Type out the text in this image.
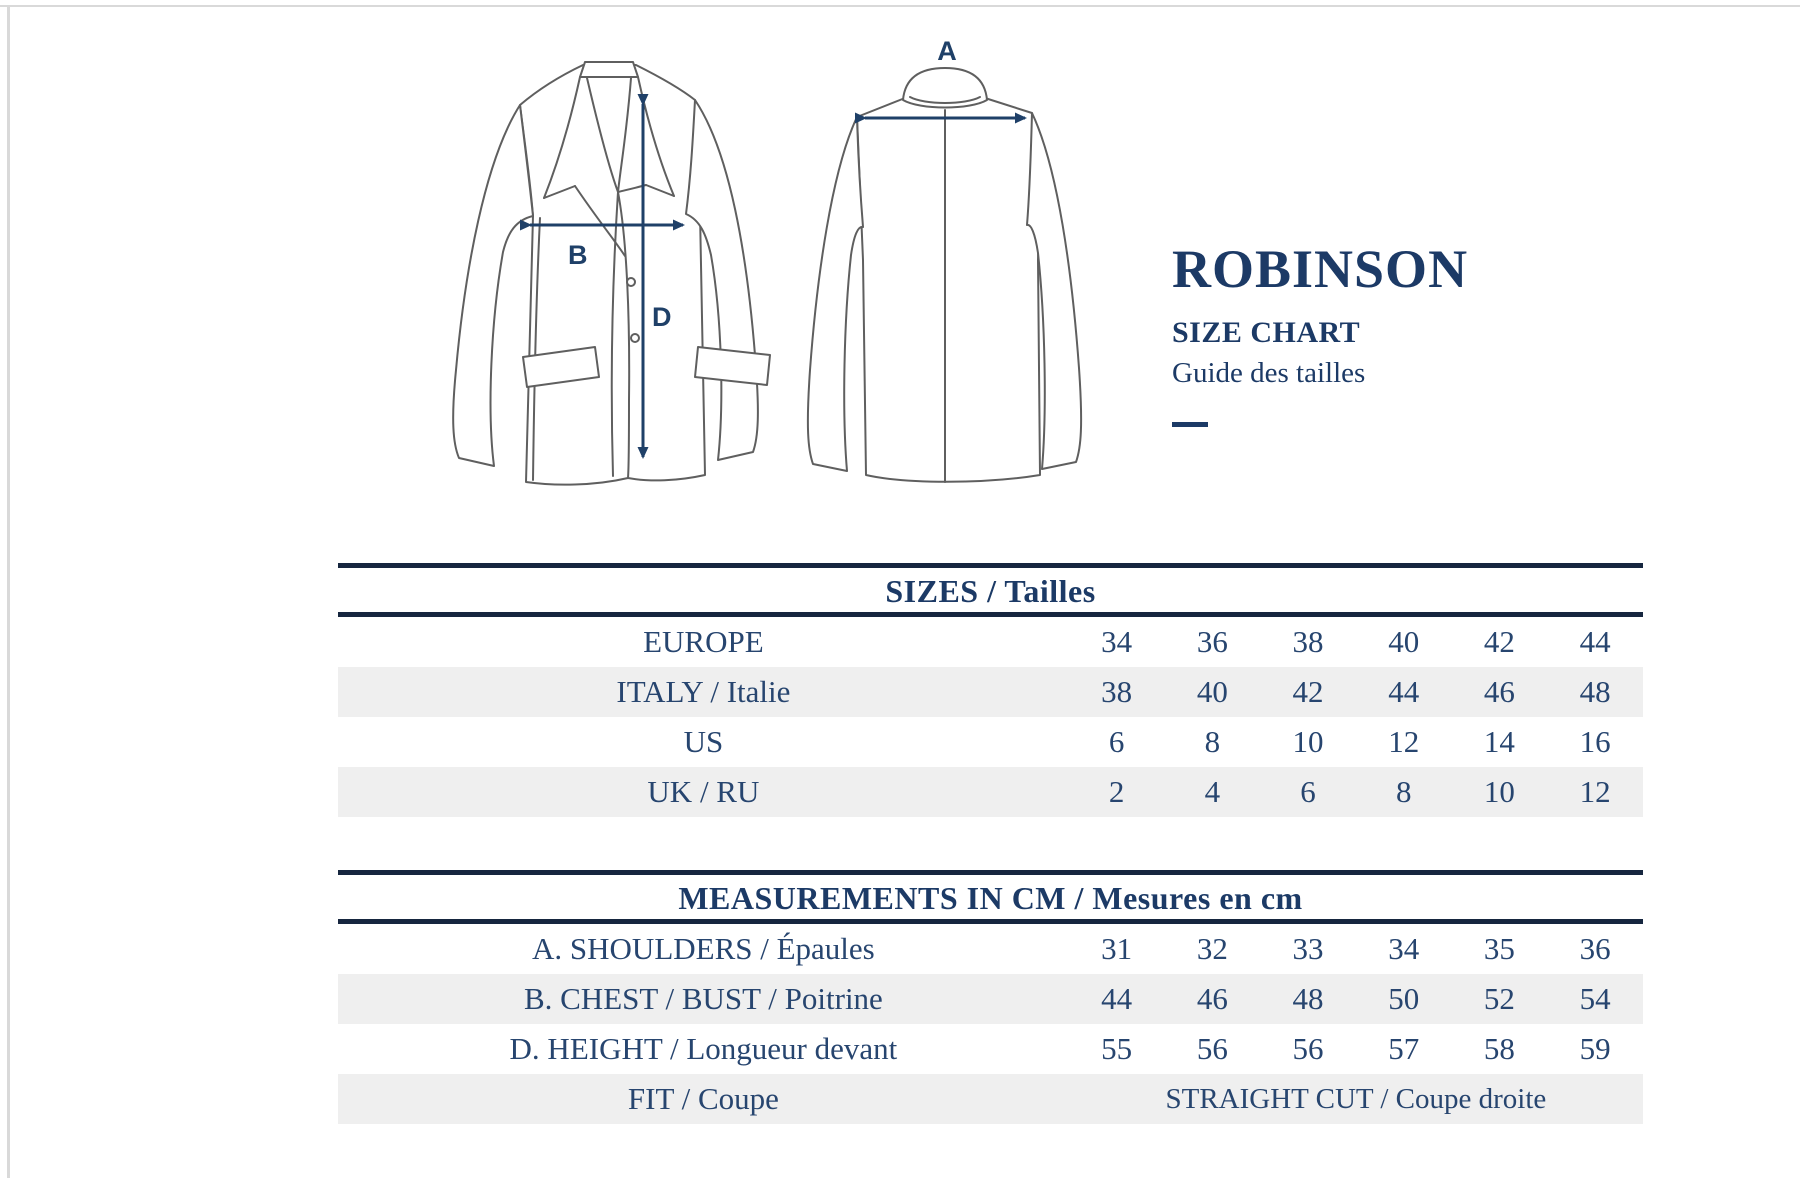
A
B
D
ROBINSON
SIZE CHART
Guide des tailles
SIZES / Tailles
EUROPE	34	36	38	40	42	44
ITALY / Italie	38	40	42	44	46	48
US	6	8	10	12	14	16
UK / RU	2	4	6	8	10	12
MEASUREMENTS IN CM / Mesures en cm
A. SHOULDERS / Épaules	31	32	33	34	35	36
B. CHEST / BUST / Poitrine	44	46	48	50	52	54
D. HEIGHT / Longueur devant	55	56	56	57	58	59
FIT / Coupe	STRAIGHT CUT / Coupe droite
